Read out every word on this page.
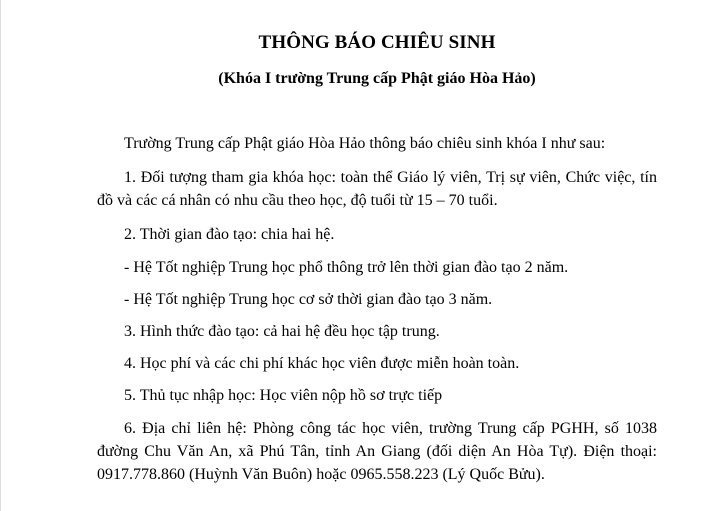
THÔNG BÁO CHIÊU SINH
(Khóa I trường Trung cấp Phật giáo Hòa Hảo)

Trường Trung cấp Phật giáo Hòa Hảo thông báo chiêu sinh khóa I như sau:

1. Đối tượng tham gia khóa học: toàn thể Giáo lý viên, Trị sự viên, Chức việc, tín đồ và các cá nhân có nhu cầu theo học, độ tuổi từ 15 – 70 tuổi.

2. Thời gian đào tạo: chia hai hệ.

- Hệ Tốt nghiệp Trung học phổ thông trở lên thời gian đào tạo 2 năm.

- Hệ Tốt nghiệp Trung học cơ sở thời gian đào tạo 3 năm.

3. Hình thức đào tạo: cả hai hệ đều học tập trung.

4. Học phí và các chi phí khác học viên được miễn hoàn toàn.

5. Thủ tục nhập học: Học viên nộp hồ sơ trực tiếp

6. Địa chỉ liên hệ: Phòng công tác học viên, trường Trung cấp PGHH, số 1038 đường Chu Văn An, xã Phú Tân, tỉnh An Giang (đối diện An Hòa Tự). Điện thoại: 0917.778.860 (Huỳnh Văn Buôn) hoặc 0965.558.223 (Lý Quốc Bửu).
